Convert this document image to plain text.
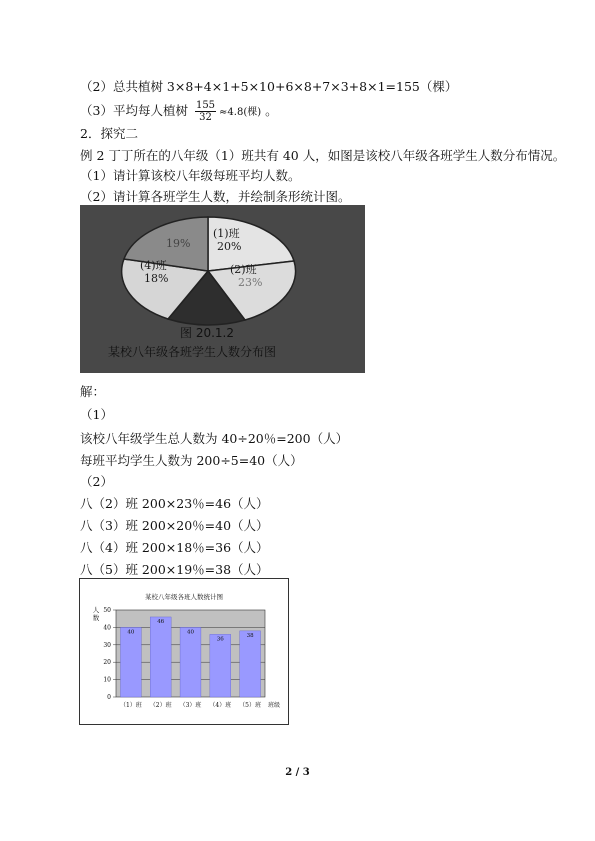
（2）总共植树 3×8+4×1+5×10+6×8+7×3+8×1=155（棵）
（3）平均每人植树 $\frac{155}{32} \approx 4.8$(棵) 。
2．探究二
例 2 丁丁所在的八年级（1）班共有 40 人，如图是该校八年级各班学生人数分布情况。
（1）请计算该校八年级每班平均人数。
（2）请计算各班学生人数，并绘制条形统计图。
(1)班
20%
(2)班
23%
(4)班
18%
19%
图 20.1.2
某校八年级各班学生人数分布图
解：
（1）
该校八年级学生总人数为 40÷20％=200（人）
每班平均学生人数为 200÷5=40（人）
（2）
八（2）班 200×23％=46（人）
八（3）班 200×20％=40（人）
八（4）班 200×18％=36（人）
八（5）班 200×19％=38（人）
某校八年级各班人数统计图
0
10
20
30
40
50
人
数
40
（1）班
46
（2）班
40
（3）班
36
（4）班
38
（5）班 班级
2 / 3
